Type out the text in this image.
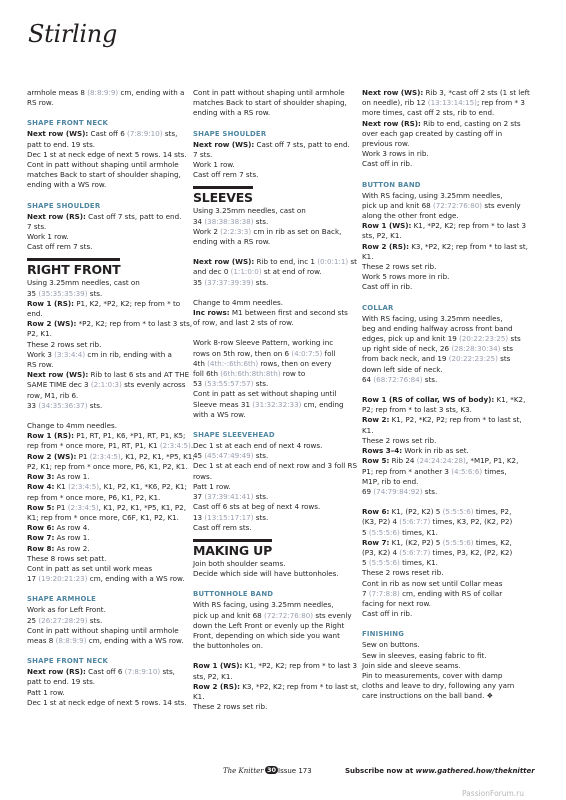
Stirling

armhole meas 8 (8:8:9:9) cm, ending with a

RS row.

SHAPE FRONT NECK

Next row (WS): Cast off 6 (7:8:9:10) sts,

patt to end. 19 sts.

Dec 1 st at neck edge of next 5 rows. 14 sts.

Cont in patt without shaping until armhole

matches Back to start of shoulder shaping,

ending with a WS row.

SHAPE SHOULDER

Next row (RS): Cast off 7 sts, patt to end.

7 sts.

Work 1 row.

Cast off rem 7 sts.

RIGHT FRONT

Using 3.25mm needles, cast on

35 (35:35:35:39) sts.

Row 1 (RS): P1, K2, *P2, K2; rep from * to

end.

Row 2 (WS): *P2, K2; rep from * to last 3 sts,

P2, K1.

These 2 rows set rib.

Work 3 (3:3:4:4) cm in rib, ending with a

RS row.

Next row (WS): Rib to last 6 sts and AT THE

SAME TIME dec 3 (2:1:0:3) sts evenly across

row, M1, rib 6.

33 (34:35:36:37) sts.

Change to 4mm needles.

Row 1 (RS): P1, RT, P1, K6, *P1, RT, P1, K5;

rep from * once more, P1, RT, P1, K1 (2:3:4:5).

Row 2 (WS): P1 (2:3:4:5), K1, P2, K1, *P5, K1,

P2, K1; rep from * once more, P6, K1, P2, K1.

Row 3: As row 1.

Row 4: K1 (2:3:4:5), K1, P2, K1, *K6, P2, K1;

rep from * once more, P6, K1, P2, K1.

Row 5: P1 (2:3:4:5), K1, P2, K1, *P5, K1, P2,

K1; rep from * once more, C6F, K1, P2, K1.

Row 6: As row 4.

Row 7: As row 1.

Row 8: As row 2.

These 8 rows set patt.

Cont in patt as set until work meas

17 (19:20:21:23) cm, ending with a WS row.

SHAPE ARMHOLE

Work as for Left Front.

25 (26:27:28:29) sts.

Cont in patt without shaping until armhole

meas 8 (8:8:9:9) cm, ending with a WS row.

SHAPE FRONT NECK

Next row (RS): Cast off 6 (7:8:9:10) sts,

patt to end. 19 sts.

Patt 1 row.

Dec 1 st at neck edge of next 5 rows. 14 sts.

Cont in patt without shaping until armhole

matches Back to start of shoulder shaping,

ending with a RS row.

SHAPE SHOULDER

Next row (WS): Cast off 7 sts, patt to end.

7 sts.

Work 1 row.

Cast off rem 7 sts.

SLEEVES

Using 3.25mm needles, cast on

34 (38:38:38:38) sts.

Work 2 (2:2:3:3) cm in rib as set on Back,

ending with a RS row.

Next row (WS): Rib to end, inc 1 (0:0:1:1) st

and dec 0 (1:1:0:0) st at end of row.

35 (37:37:39:39) sts.

Change to 4mm needles.

Inc rows: M1 between first and second sts

of row, and last 2 sts of row.

Work 8-row Sleeve Pattern, working inc

rows on 5th row, then on 6 (4:0:7:5) foll

4th (4th:-:6th:6th) rows, then on every

foll 6th (6th:6th:8th:8th) row to

53 (53:55:57:57) sts.

Cont in patt as set without shaping until

Sleeve meas 31 (31:32:32:33) cm, ending

with a WS row.

SHAPE SLEEVEHEAD

Dec 1 st at each end of next 4 rows.

45 (45:47:49:49) sts.

Dec 1 st at each end of next row and 3 foll RS

rows.

Patt 1 row.

37 (37:39:41:41) sts.

Cast off 6 sts at beg of next 4 rows.

13 (13:15:17:17) sts.

Cast off rem sts.

MAKING UP

Join both shoulder seams.

Decide which side will have buttonholes.

BUTTONHOLE BAND

With RS facing, using 3.25mm needles,

pick up and knit 68 (72:72:76:80) sts evenly

down the Left Front or evenly up the Right

Front, depending on which side you want

the buttonholes on.

Row 1 (WS): K1, *P2, K2; rep from * to last 3

sts, P2, K1.

Row 2 (RS): K3, *P2, K2; rep from * to last st,

K1.

These 2 rows set rib.

Next row (WS): Rib 3, *cast off 2 sts (1 st left

on needle), rib 12 (13:13:14:15); rep from * 3

more times, cast off 2 sts, rib to end.

Next row (RS): Rib to end, casting on 2 sts

over each gap created by casting off in

previous row.

Work 3 rows in rib.

Cast off in rib.

BUTTON BAND

With RS facing, using 3.25mm needles,

pick up and knit 68 (72:72:76:80) sts evenly

along the other front edge.

Row 1 (WS): K1, *P2, K2; rep from * to last 3

sts, P2, K1.

Row 2 (RS): K3, *P2, K2; rep from * to last st,

K1.

These 2 rows set rib.

Work 5 rows more in rib.

Cast off in rib.

COLLAR

With RS facing, using 3.25mm needles,

beg and ending halfway across front band

edges, pick up and knit 19 (20:22:23:25) sts

up right side of neck, 26 (28:28:30:34) sts

from back neck, and 19 (20:22:23:25) sts

down left side of neck.

64 (68:72:76:84) sts.

Row 1 (RS of collar, WS of body): K1, *K2,

P2; rep from * to last 3 sts, K3.

Row 2: K1, P2, *K2, P2; rep from * to last st,

K1.

These 2 rows set rib.

Rows 3–4: Work in rib as set.

Row 5: Rib 24 (24:24:24:28), *M1P, P1, K2,

P1; rep from * another 3 (4:5:6:6) times,

M1P, rib to end.

69 (74:79:84:92) sts.

Row 6: K1, (P2, K2) 5 (5:5:5:6) times, P2,

(K3, P2) 4 (5:6:7:7) times, K3, P2, (K2, P2)

5 (5:5:5:6) times, K1.

Row 7: K1, (K2, P2) 5 (5:5:5:6) times, K2,

(P3, K2) 4 (5:6:7:7) times, P3, K2, (P2, K2)

5 (5:5:5:6) times, K1.

These 2 rows reset rib.

Cont in rib as now set until Collar meas

7 (7:7:8:8) cm, ending with RS of collar

facing for next row.

Cast off in rib.

FINISHING

Sew on buttons.

Sew in sleeves, easing fabric to fit.

Join side and sleeve seams.

Pin to measurements, cover with damp

cloths and leave to dry, following any yarn

care instructions on the ball band. ❖

The Knitter 30 Issue 173	Subscribe now at www.gathered.how/theknitter
PassionForum.ru
